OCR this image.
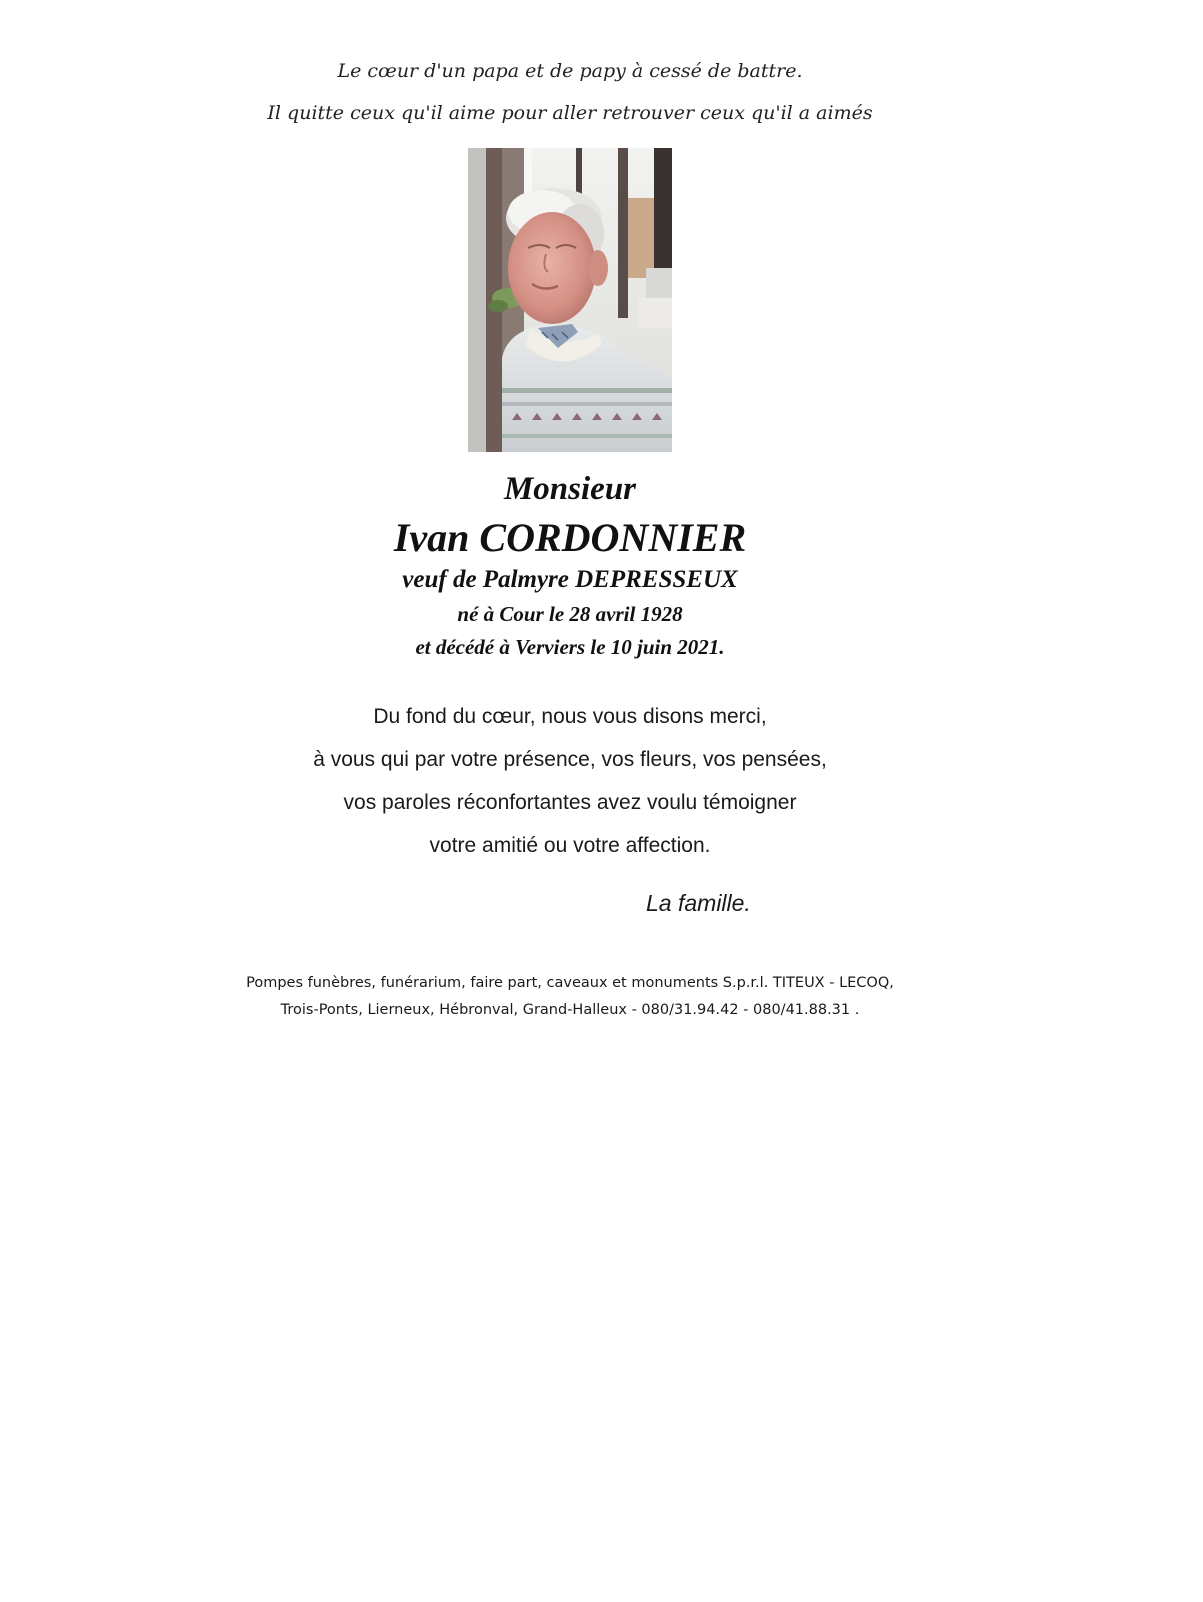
Le cœur d'un papa et de papy à cessé de battre.
Il quitte ceux qu'il aime pour aller retrouver ceux qu'il a aimés
Monsieur
Ivan CORDONNIER
veuf de Palmyre DEPRESSEUX
né à Cour le 28 avril 1928
et décédé à Verviers le 10 juin 2021.
Du fond du cœur, nous vous disons merci,
à vous qui par votre présence, vos fleurs, vos pensées,
vos paroles réconfortantes avez voulu témoigner
votre amitié ou votre affection.
La famille.
Pompes funèbres, funérarium, faire part, caveaux et monuments S.p.r.l. TITEUX - LECOQ,
Trois-Ponts, Lierneux, Hébronval, Grand-Halleux - 080/31.94.42 - 080/41.88.31 .
